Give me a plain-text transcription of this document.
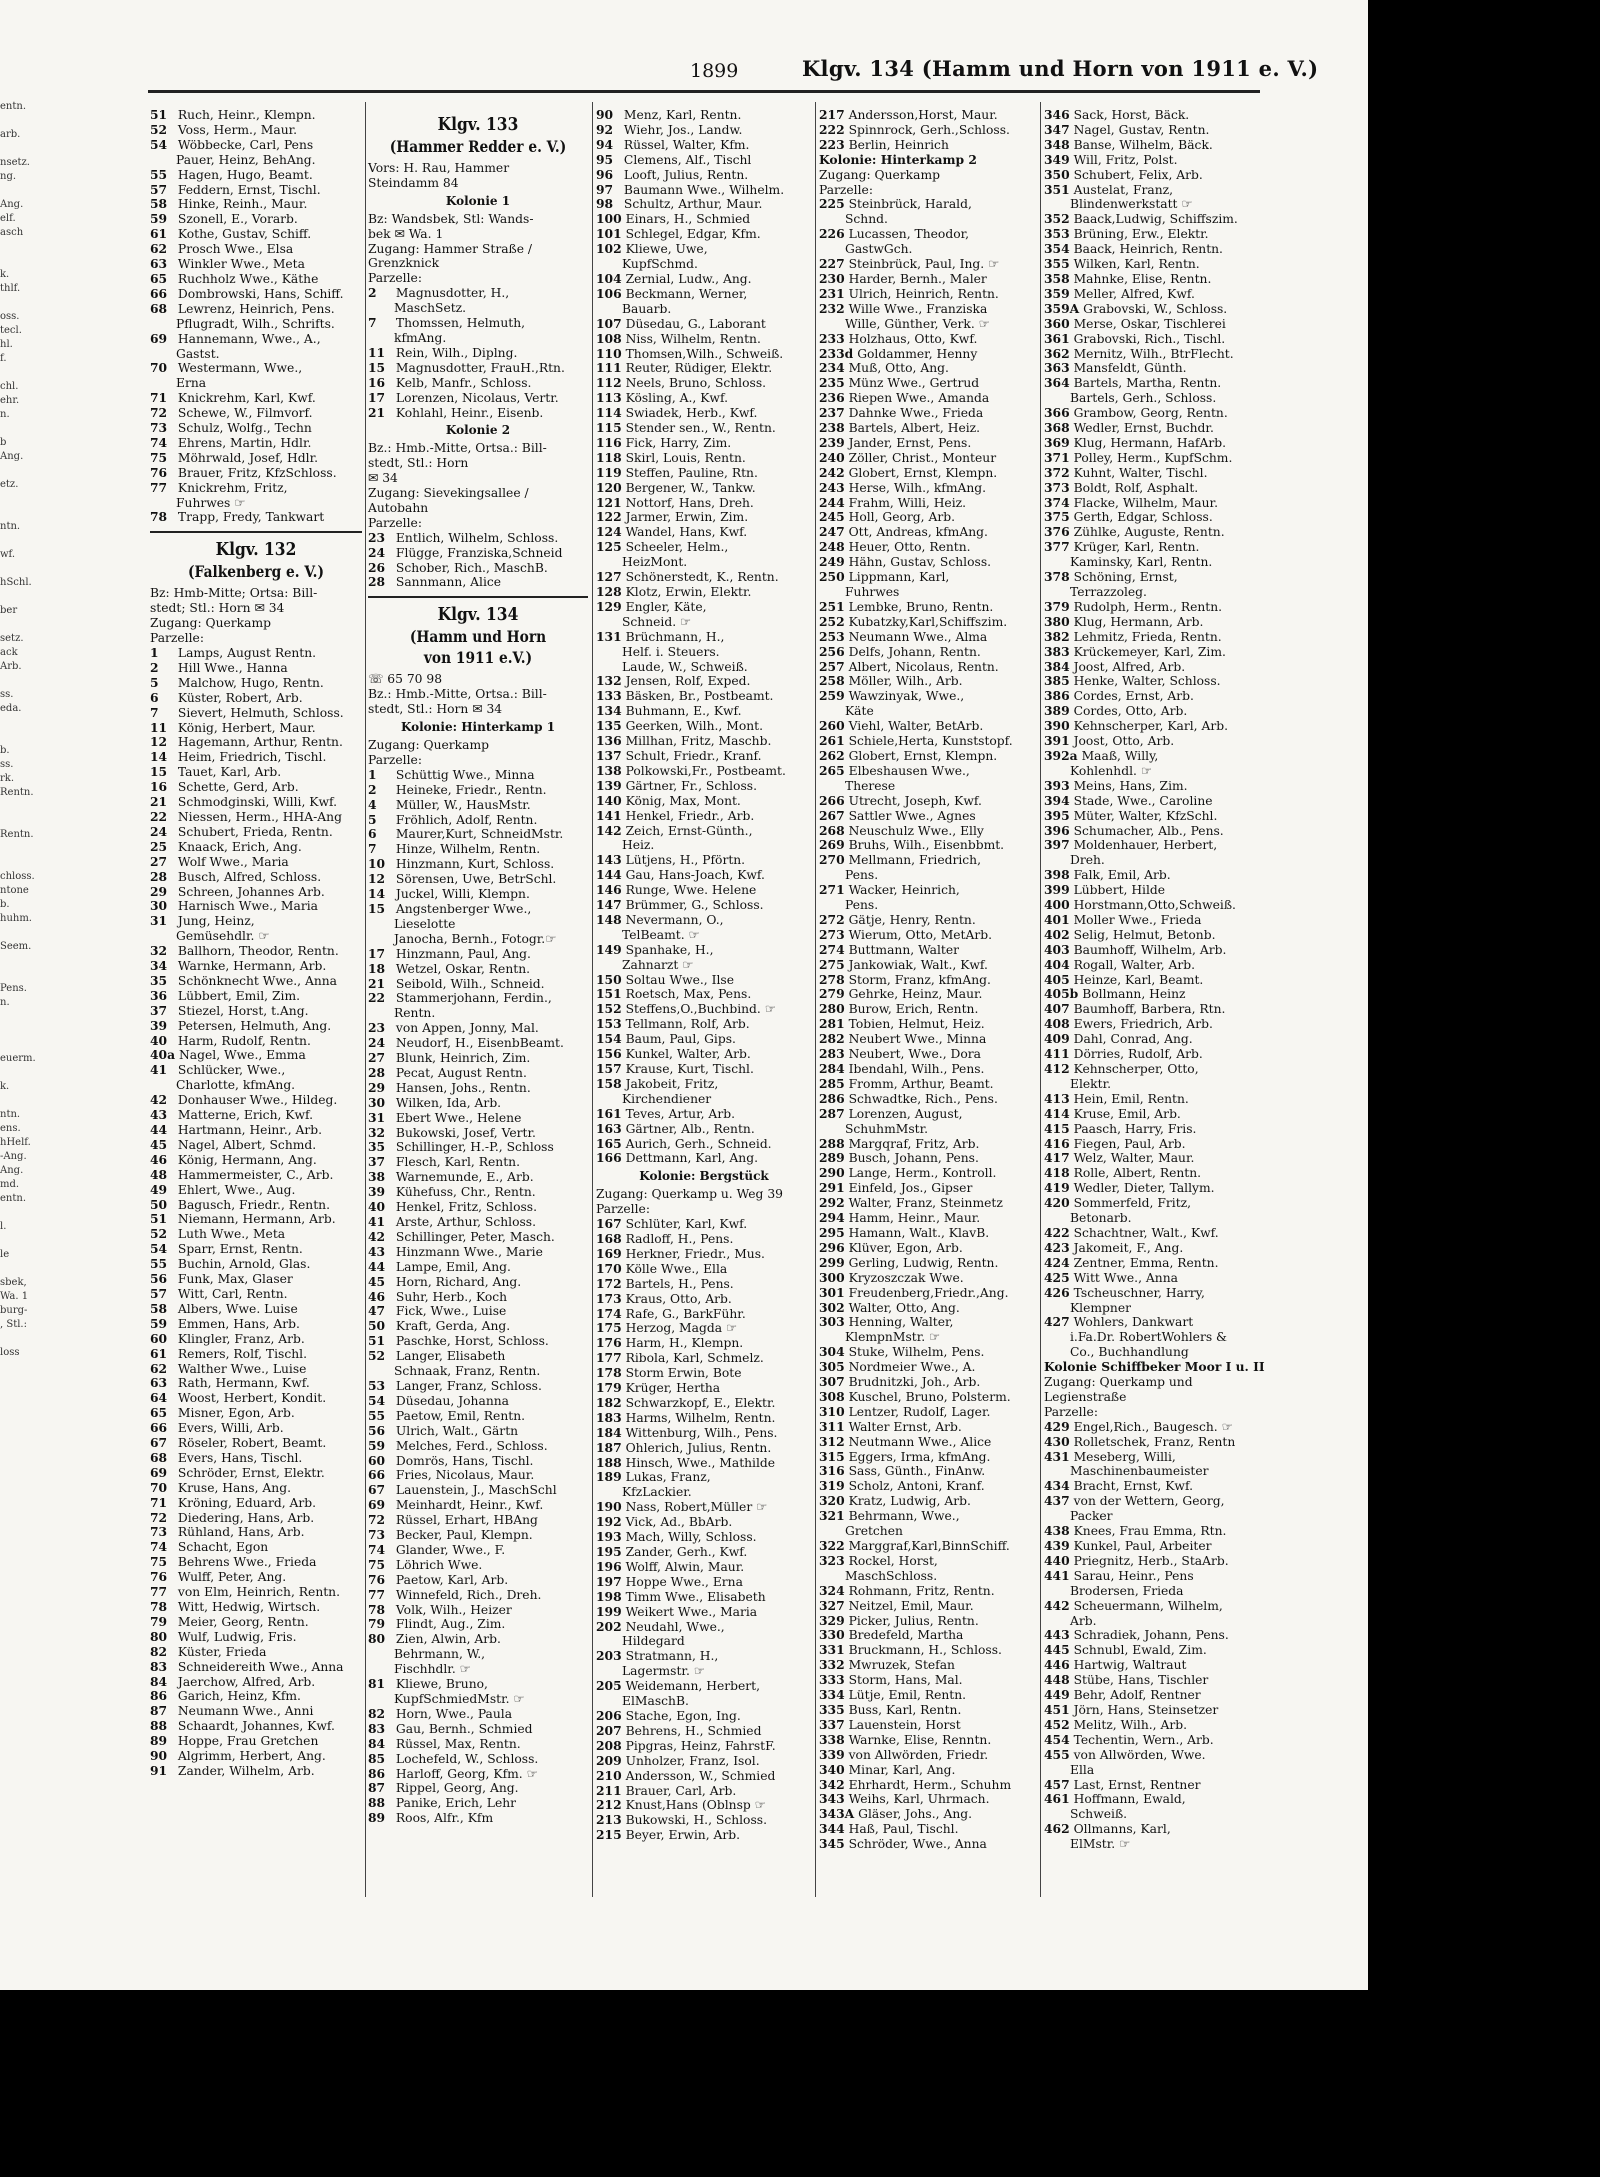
entn.

arb.

nsetz.
ng.

Ang.
elf.
asch

k.
thlf.

oss.
tecl.
hl.
f.

chl.
ehr.
n.

b
Ang.

etz.

ntn.

wf.

hSchl.

ber

setz.
ack
Arb.

ss.
eda.

b.
ss.
rk.
Rentn.

Rentn.

chloss.
ntone
b.
huhm.

Seem.

Pens.
n.

euerm.

k.

ntn.
ens.
hHelf.
-Ang.
Ang.
md.
entn.

l.

le

sbek,
Wa. 1
burg-
, Stl.:

loss
1899	Klgv. 134 (Hamm und Horn von 1911 e. V.)
51 Ruch, Heinr., Klempn.
52 Voss, Herm., Maur.
54 Wöbbecke, Carl, Pens
Pauer, Heinz, BehAng.
55 Hagen, Hugo, Beamt.
57 Feddern, Ernst, Tischl.
58 Hinke, Reinh., Maur.
59 Szonell, E., Vorarb.
61 Kothe, Gustav, Schiff.
62 Prosch Wwe., Elsa
63 Winkler Wwe., Meta
65 Ruchholz Wwe., Käthe
66 Dombrowski, Hans, Schiff.
68 Lewrenz, Heinrich, Pens.
Pflugradt, Wilh., Schrifts.
69 Hannemann, Wwe., A.,
Gastst.
70 Westermann, Wwe.,
Erna
71 Knickrehm, Karl, Kwf.
72 Schewe, W., Filmvorf.
73 Schulz, Wolfg., Techn
74 Ehrens, Martin, Hdlr.
75 Möhrwald, Josef, Hdlr.
76 Brauer, Fritz, KfzSchloss.
77 Knickrehm, Fritz,
Fuhrwes ☞
78 Trapp, Fredy, Tankwart
Klgv. 132
(Falkenberg e. V.)
Bz: Hmb-Mitte; Ortsa: Bill-
stedt; Stl.: Horn ✉ 34
Zugang: Querkamp
Parzelle:
1 Lamps, August Rentn.
2 Hill Wwe., Hanna
5 Malchow, Hugo, Rentn.
6 Küster, Robert, Arb.
7 Sievert, Helmuth, Schloss.
11 König, Herbert, Maur.
12 Hagemann, Arthur, Rentn.
14 Heim, Friedrich, Tischl.
15 Tauet, Karl, Arb.
16 Schette, Gerd, Arb.
21 Schmodginski, Willi, Kwf.
22 Niessen, Herm., HHA-Ang
24 Schubert, Frieda, Rentn.
25 Knaack, Erich, Ang.
27 Wolf Wwe., Maria
28 Busch, Alfred, Schloss.
29 Schreen, Johannes Arb.
30 Harnisch Wwe., Maria
31 Jung, Heinz,
Gemüsehdlr. ☞
32 Ballhorn, Theodor, Rentn.
34 Warnke, Hermann, Arb.
35 Schönknecht Wwe., Anna
36 Lübbert, Emil, Zim.
37 Stiezel, Horst, t.Ang.
39 Petersen, Helmuth, Ang.
40 Harm, Rudolf, Rentn.
40a Nagel, Wwe., Emma
41 Schlücker, Wwe.,
Charlotte, kfmAng.
42 Donhauser Wwe., Hildeg.
43 Matterne, Erich, Kwf.
44 Hartmann, Heinr., Arb.
45 Nagel, Albert, Schmd.
46 König, Hermann, Ang.
48 Hammermeister, C., Arb.
49 Ehlert, Wwe., Aug.
50 Bagusch, Friedr., Rentn.
51 Niemann, Hermann, Arb.
52 Luth Wwe., Meta
54 Sparr, Ernst, Rentn.
55 Buchin, Arnold, Glas.
56 Funk, Max, Glaser
57 Witt, Carl, Rentn.
58 Albers, Wwe. Luise
59 Emmen, Hans, Arb.
60 Klingler, Franz, Arb.
61 Remers, Rolf, Tischl.
62 Walther Wwe., Luise
63 Rath, Hermann, Kwf.
64 Woost, Herbert, Kondit.
65 Misner, Egon, Arb.
66 Evers, Willi, Arb.
67 Röseler, Robert, Beamt.
68 Evers, Hans, Tischl.
69 Schröder, Ernst, Elektr.
70 Kruse, Hans, Ang.
71 Kröning, Eduard, Arb.
72 Diedering, Hans, Arb.
73 Rühland, Hans, Arb.
74 Schacht, Egon
75 Behrens Wwe., Frieda
76 Wulff, Peter, Ang.
77 von Elm, Heinrich, Rentn.
78 Witt, Hedwig, Wirtsch.
79 Meier, Georg, Rentn.
80 Wulf, Ludwig, Fris.
82 Küster, Frieda
83 Schneidereith Wwe., Anna
84 Jaerchow, Alfred, Arb.
86 Garich, Heinz, Kfm.
87 Neumann Wwe., Anni
88 Schaardt, Johannes, Kwf.
89 Hoppe, Frau Gretchen
90 Algrimm, Herbert, Ang.
91 Zander, Wilhelm, Arb.
Klgv. 133
(Hammer Redder e. V.)
Vors: H. Rau, Hammer
Steindamm 84
Kolonie 1
Bz: Wandsbek, Stl: Wands-
bek ✉ Wa. 1
Zugang: Hammer Straße /
Grenzknick
Parzelle:
2 Magnusdotter, H.,
MaschSetz.
7 Thomssen, Helmuth,
kfmAng.
11 Rein, Wilh., Diplng.
15 Magnusdotter, FrauH.,Rtn.
16 Kelb, Manfr., Schloss.
17 Lorenzen, Nicolaus, Vertr.
21 Kohlahl, Heinr., Eisenb.
Kolonie 2
Bz.: Hmb.-Mitte, Ortsa.: Bill-
stedt, Stl.: Horn
✉ 34
Zugang: Sievekingsallee /
Autobahn
Parzelle:
23 Entlich, Wilhelm, Schloss.
24 Flügge, Franziska,Schneid
26 Schober, Rich., MaschB.
28 Sannmann, Alice
Klgv. 134
(Hamm und Horn
von 1911 e.V.)
☏ 65 70 98
Bz.: Hmb.-Mitte, Ortsa.: Bill-
stedt, Stl.: Horn ✉ 34
Kolonie: Hinterkamp 1
Zugang: Querkamp
Parzelle:
1 Schüttig Wwe., Minna
2 Heineke, Friedr., Rentn.
4 Müller, W., HausMstr.
5 Fröhlich, Adolf, Rentn.
6 Maurer,Kurt, SchneidMstr.
7 Hinze, Wilhelm, Rentn.
10 Hinzmann, Kurt, Schloss.
12 Sörensen, Uwe, BetrSchl.
14 Juckel, Willi, Klempn.
15 Angstenberger Wwe.,
Lieselotte
Janocha, Bernh., Fotogr.☞
17 Hinzmann, Paul, Ang.
18 Wetzel, Oskar, Rentn.
21 Seibold, Wilh., Schneid.
22 Stammerjohann, Ferdin.,
Rentn.
23 von Appen, Jonny, Mal.
24 Neudorf, H., EisenbBeamt.
27 Blunk, Heinrich, Zim.
28 Pecat, August Rentn.
29 Hansen, Johs., Rentn.
30 Wilken, Ida, Arb.
31 Ebert Wwe., Helene
32 Bukowski, Josef, Vertr.
35 Schillinger, H.-P., Schloss
37 Flesch, Karl, Rentn.
38 Warnemunde, E., Arb.
39 Kühefuss, Chr., Rentn.
40 Henkel, Fritz, Schloss.
41 Arste, Arthur, Schloss.
42 Schillinger, Peter, Masch.
43 Hinzmann Wwe., Marie
44 Lampe, Emil, Ang.
45 Horn, Richard, Ang.
46 Suhr, Herb., Koch
47 Fick, Wwe., Luise
50 Kraft, Gerda, Ang.
51 Paschke, Horst, Schloss.
52 Langer, Elisabeth
Schnaak, Franz, Rentn.
53 Langer, Franz, Schloss.
54 Düsedau, Johanna
55 Paetow, Emil, Rentn.
56 Ulrich, Walt., Gärtn
59 Melches, Ferd., Schloss.
60 Domrös, Hans, Tischl.
66 Fries, Nicolaus, Maur.
67 Lauenstein, J., MaschSchl
69 Meinhardt, Heinr., Kwf.
72 Rüssel, Erhart, HBAng
73 Becker, Paul, Klempn.
74 Glander, Wwe., F.
75 Löhrich Wwe.
76 Paetow, Karl, Arb.
77 Winnefeld, Rich., Dreh.
78 Volk, Wilh., Heizer
79 Flindt, Aug., Zim.
80 Zien, Alwin, Arb.
Behrmann, W.,
Fischhdlr. ☞
81 Kliewe, Bruno,
KupfSchmiedMstr. ☞
82 Horn, Wwe., Paula
83 Gau, Bernh., Schmied
84 Rüssel, Max, Rentn.
85 Lochefeld, W., Schloss.
86 Harloff, Georg, Kfm. ☞
87 Rippel, Georg, Ang.
88 Panike, Erich, Lehr
89 Roos, Alfr., Kfm
90 Menz, Karl, Rentn.
92 Wiehr, Jos., Landw.
94 Rüssel, Walter, Kfm.
95 Clemens, Alf., Tischl
96 Looft, Julius, Rentn.
97 Baumann Wwe., Wilhelm.
98 Schultz, Arthur, Maur.
100 Einars, H., Schmied
101 Schlegel, Edgar, Kfm.
102 Kliewe, Uwe,
KupfSchmd.
104 Zernial, Ludw., Ang.
106 Beckmann, Werner,
Bauarb.
107 Düsedau, G., Laborant
108 Niss, Wilhelm, Rentn.
110 Thomsen,Wilh., Schweiß.
111 Reuter, Rüdiger, Elektr.
112 Neels, Bruno, Schloss.
113 Kösling, A., Kwf.
114 Swiadek, Herb., Kwf.
115 Stender sen., W., Rentn.
116 Fick, Harry, Zim.
118 Skirl, Louis, Rentn.
119 Steffen, Pauline, Rtn.
120 Bergener, W., Tankw.
121 Nottorf, Hans, Dreh.
122 Jarmer, Erwin, Zim.
124 Wandel, Hans, Kwf.
125 Scheeler, Helm.,
HeizMont.
127 Schönerstedt, K., Rentn.
128 Klotz, Erwin, Elektr.
129 Engler, Käte,
Schneid. ☞
131 Brüchmann, H.,
Helf. i. Steuers.
Laude, W., Schweiß.
132 Jensen, Rolf, Exped.
133 Bäsken, Br., Postbeamt.
134 Buhmann, E., Kwf.
135 Geerken, Wilh., Mont.
136 Millhan, Fritz, Maschb.
137 Schult, Friedr., Kranf.
138 Polkowski,Fr., Postbeamt.
139 Gärtner, Fr., Schloss.
140 König, Max, Mont.
141 Henkel, Friedr., Arb.
142 Zeich, Ernst-Günth.,
Heiz.
143 Lütjens, H., Pförtn.
144 Gau, Hans-Joach, Kwf.
146 Runge, Wwe. Helene
147 Brümmer, G., Schloss.
148 Nevermann, O.,
TelBeamt. ☞
149 Spanhake, H.,
Zahnarzt ☞
150 Soltau Wwe., Ilse
151 Roetsch, Max, Pens.
152 Steffens,O.,Buchbind. ☞
153 Tellmann, Rolf, Arb.
154 Baum, Paul, Gips.
156 Kunkel, Walter, Arb.
157 Krause, Kurt, Tischl.
158 Jakobeit, Fritz,
Kirchendiener
161 Teves, Artur, Arb.
163 Gärtner, Alb., Rentn.
165 Aurich, Gerh., Schneid.
166 Dettmann, Karl, Ang.
Kolonie: Bergstück
Zugang: Querkamp u. Weg 39
Parzelle:
167 Schlüter, Karl, Kwf.
168 Radloff, H., Pens.
169 Herkner, Friedr., Mus.
170 Kölle Wwe., Ella
172 Bartels, H., Pens.
173 Kraus, Otto, Arb.
174 Rafe, G., BarkFühr.
175 Herzog, Magda ☞
176 Harm, H., Klempn.
177 Ribola, Karl, Schmelz.
178 Storm Erwin, Bote
179 Krüger, Hertha
182 Schwarzkopf, E., Elektr.
183 Harms, Wilhelm, Rentn.
184 Wittenburg, Wilh., Pens.
187 Ohlerich, Julius, Rentn.
188 Hinsch, Wwe., Mathilde
189 Lukas, Franz,
KfzLackier.
190 Nass, Robert,Müller ☞
192 Vick, Ad., BbArb.
193 Mach, Willy, Schloss.
195 Zander, Gerh., Kwf.
196 Wolff, Alwin, Maur.
197 Hoppe Wwe., Erna
198 Timm Wwe., Elisabeth
199 Weikert Wwe., Maria
202 Neudahl, Wwe.,
Hildegard
203 Stratmann, H.,
Lagermstr. ☞
205 Weidemann, Herbert,
ElMaschB.
206 Stache, Egon, Ing.
207 Behrens, H., Schmied
208 Pipgras, Heinz, FahrstF.
209 Unholzer, Franz, Isol.
210 Andersson, W., Schmied
211 Brauer, Carl, Arb.
212 Knust,Hans (Oblnsp ☞
213 Bukowski, H., Schloss.
215 Beyer, Erwin, Arb.
217 Andersson,Horst, Maur.
222 Spinnrock, Gerh.,Schloss.
223 Berlin, Heinrich
Kolonie: Hinterkamp 2
Zugang: Querkamp
Parzelle:
225 Steinbrück, Harald,
Schnd.
226 Lucassen, Theodor,
GastwGch.
227 Steinbrück, Paul, Ing. ☞
230 Harder, Bernh., Maler
231 Ulrich, Heinrich, Rentn.
232 Wille Wwe., Franziska
Wille, Günther, Verk. ☞
233 Holzhaus, Otto, Kwf.
233d Goldammer, Henny
234 Muß, Otto, Ang.
235 Münz Wwe., Gertrud
236 Riepen Wwe., Amanda
237 Dahnke Wwe., Frieda
238 Bartels, Albert, Heiz.
239 Jander, Ernst, Pens.
240 Zöller, Christ., Monteur
242 Globert, Ernst, Klempn.
243 Herse, Wilh., kfmAng.
244 Frahm, Willi, Heiz.
245 Holl, Georg, Arb.
247 Ott, Andreas, kfmAng.
248 Heuer, Otto, Rentn.
249 Hähn, Gustav, Schloss.
250 Lippmann, Karl,
Fuhrwes
251 Lembke, Bruno, Rentn.
252 Kubatzky,Karl,Schiffszim.
253 Neumann Wwe., Alma
256 Delfs, Johann, Rentn.
257 Albert, Nicolaus, Rentn.
258 Möller, Wilh., Arb.
259 Wawzinyak, Wwe.,
Käte
260 Viehl, Walter, BetArb.
261 Schiele,Herta, Kunststopf.
262 Globert, Ernst, Klempn.
265 Elbeshausen Wwe.,
Therese
266 Utrecht, Joseph, Kwf.
267 Sattler Wwe., Agnes
268 Neuschulz Wwe., Elly
269 Bruhs, Wilh., Eisenbbmt.
270 Mellmann, Friedrich,
Pens.
271 Wacker, Heinrich,
Pens.
272 Gätje, Henry, Rentn.
273 Wierum, Otto, MetArb.
274 Buttmann, Walter
275 Jankowiak, Walt., Kwf.
278 Storm, Franz, kfmAng.
279 Gehrke, Heinz, Maur.
280 Burow, Erich, Rentn.
281 Tobien, Helmut, Heiz.
282 Neubert Wwe., Minna
283 Neubert, Wwe., Dora
284 Ibendahl, Wilh., Pens.
285 Fromm, Arthur, Beamt.
286 Schwadtke, Rich., Pens.
287 Lorenzen, August,
SchuhmMstr.
288 Margqraf, Fritz, Arb.
289 Busch, Johann, Pens.
290 Lange, Herm., Kontroll.
291 Einfeld, Jos., Gipser
292 Walter, Franz, Steinmetz
294 Hamm, Heinr., Maur.
295 Hamann, Walt., KlavB.
296 Klüver, Egon, Arb.
299 Gerling, Ludwig, Rentn.
300 Kryzoszczak Wwe.
301 Freudenberg,Friedr.,Ang.
302 Walter, Otto, Ang.
303 Henning, Walter,
KlempnMstr. ☞
304 Stuke, Wilhelm, Pens.
305 Nordmeier Wwe., A.
307 Brudnitzki, Joh., Arb.
308 Kuschel, Bruno, Polsterm.
310 Lentzer, Rudolf, Lager.
311 Walter Ernst, Arb.
312 Neutmann Wwe., Alice
315 Eggers, Irma, kfmAng.
316 Sass, Günth., FinAnw.
319 Scholz, Antoni, Kranf.
320 Kratz, Ludwig, Arb.
321 Behrmann, Wwe.,
Gretchen
322 Marggraf,Karl,BinnSchiff.
323 Rockel, Horst,
MaschSchloss.
324 Rohmann, Fritz, Rentn.
327 Neitzel, Emil, Maur.
329 Picker, Julius, Rentn.
330 Bredefeld, Martha
331 Bruckmann, H., Schloss.
332 Mwruzek, Stefan
333 Storm, Hans, Mal.
334 Lütje, Emil, Rentn.
335 Buss, Karl, Rentn.
337 Lauenstein, Horst
338 Warnke, Elise, Renntn.
339 von Allwörden, Friedr.
340 Minar, Karl, Ang.
342 Ehrhardt, Herm., Schuhm
343 Weihs, Karl, Uhrmach.
343A Gläser, Johs., Ang.
344 Haß, Paul, Tischl.
345 Schröder, Wwe., Anna
346 Sack, Horst, Bäck.
347 Nagel, Gustav, Rentn.
348 Banse, Wilhelm, Bäck.
349 Will, Fritz, Polst.
350 Schubert, Felix, Arb.
351 Austelat, Franz,
Blindenwerkstatt ☞
352 Baack,Ludwig, Schiffszim.
353 Brüning, Erw., Elektr.
354 Baack, Heinrich, Rentn.
355 Wilken, Karl, Rentn.
358 Mahnke, Elise, Rentn.
359 Meller, Alfred, Kwf.
359A Grabovski, W., Schloss.
360 Merse, Oskar, Tischlerei
361 Grabovski, Rich., Tischl.
362 Mernitz, Wilh., BtrFlecht.
363 Mansfeldt, Günth.
364 Bartels, Martha, Rentn.
Bartels, Gerh., Schloss.
366 Grambow, Georg, Rentn.
368 Wedler, Ernst, Buchdr.
369 Klug, Hermann, HafArb.
371 Polley, Herm., KupfSchm.
372 Kuhnt, Walter, Tischl.
373 Boldt, Rolf, Asphalt.
374 Flacke, Wilhelm, Maur.
375 Gerth, Edgar, Schloss.
376 Zühlke, Auguste, Rentn.
377 Krüger, Karl, Rentn.
Kaminsky, Karl, Rentn.
378 Schöning, Ernst,
Terrazzoleg.
379 Rudolph, Herm., Rentn.
380 Klug, Hermann, Arb.
382 Lehmitz, Frieda, Rentn.
383 Krückemeyer, Karl, Zim.
384 Joost, Alfred, Arb.
385 Henke, Walter, Schloss.
386 Cordes, Ernst, Arb.
389 Cordes, Otto, Arb.
390 Kehnscherper, Karl, Arb.
391 Joost, Otto, Arb.
392a Maaß, Willy,
Kohlenhdl. ☞
393 Meins, Hans, Zim.
394 Stade, Wwe., Caroline
395 Müter, Walter, KfzSchl.
396 Schumacher, Alb., Pens.
397 Moldenhauer, Herbert,
Dreh.
398 Falk, Emil, Arb.
399 Lübbert, Hilde
400 Horstmann,Otto,Schweiß.
401 Moller Wwe., Frieda
402 Selig, Helmut, Betonb.
403 Baumhoff, Wilhelm, Arb.
404 Rogall, Walter, Arb.
405 Heinze, Karl, Beamt.
405b Bollmann, Heinz
407 Baumhoff, Barbera, Rtn.
408 Ewers, Friedrich, Arb.
409 Dahl, Conrad, Ang.
411 Dörries, Rudolf, Arb.
412 Kehnscherper, Otto,
Elektr.
413 Hein, Emil, Rentn.
414 Kruse, Emil, Arb.
415 Paasch, Harry, Fris.
416 Fiegen, Paul, Arb.
417 Welz, Walter, Maur.
418 Rolle, Albert, Rentn.
419 Wedler, Dieter, Tallym.
420 Sommerfeld, Fritz,
Betonarb.
422 Schachtner, Walt., Kwf.
423 Jakomeit, F., Ang.
424 Zentner, Emma, Rentn.
425 Witt Wwe., Anna
426 Tscheuschner, Harry,
Klempner
427 Wohlers, Dankwart
i.Fa.Dr. RobertWohlers &
Co., Buchhandlung
Kolonie Schiffbeker Moor I u. II
Zugang: Querkamp und
Legienstraße
Parzelle:
429 Engel,Rich., Baugesch. ☞
430 Rolletschek, Franz, Rentn
431 Meseberg, Willi,
Maschinenbaumeister
434 Bracht, Ernst, Kwf.
437 von der Wettern, Georg,
Packer
438 Knees, Frau Emma, Rtn.
439 Kunkel, Paul, Arbeiter
440 Priegnitz, Herb., StaArb.
441 Sarau, Heinr., Pens
Brodersen, Frieda
442 Scheuermann, Wilhelm,
Arb.
443 Schradiek, Johann, Pens.
445 Schnubl, Ewald, Zim.
446 Hartwig, Waltraut
448 Stübe, Hans, Tischler
449 Behr, Adolf, Rentner
451 Jörn, Hans, Steinsetzer
452 Melitz, Wilh., Arb.
454 Techentin, Wern., Arb.
455 von Allwörden, Wwe.
Ella
457 Last, Ernst, Rentner
461 Hoffmann, Ewald,
Schweiß.
462 Ollmanns, Karl,
ElMstr. ☞
